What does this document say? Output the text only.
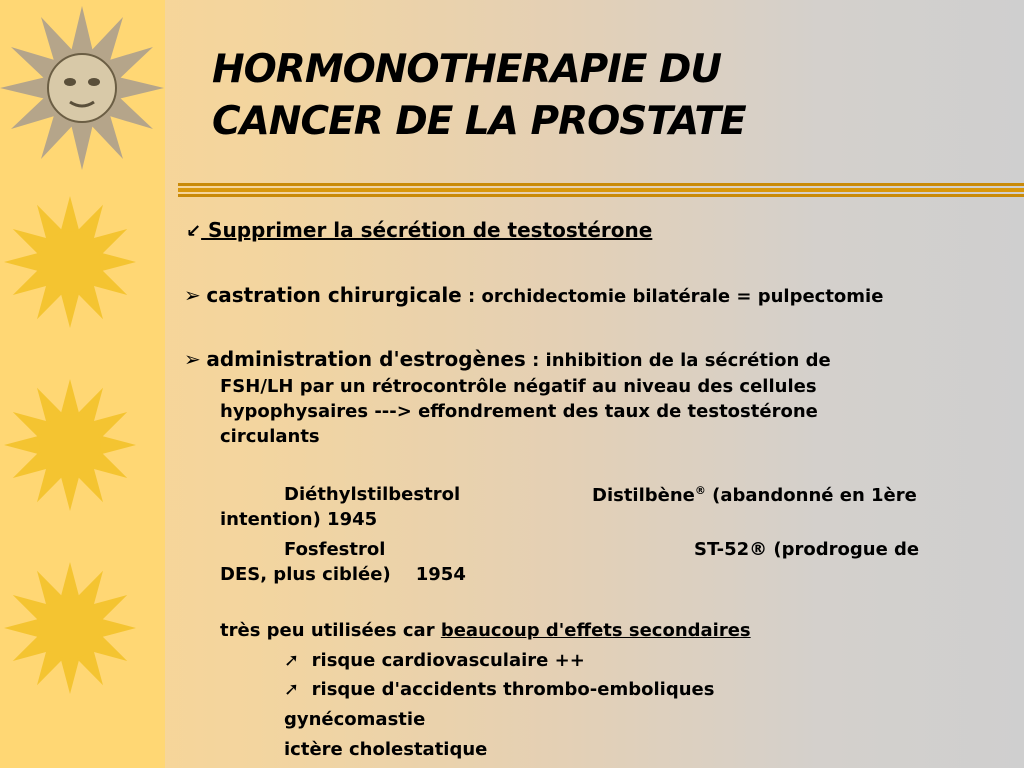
HORMONOTHERAPIE DU
CANCER DE LA PROSTATE
↙ Supprimer la sécrétion de testostérone
➢ castration chirurgicale : orchidectomie bilatérale = pulpectomie
➢ administration d'estrogènes : inhibition de la sécrétion de
FSH/LH par un rétrocontrôle négatif au niveau des cellules
hypophysaires ---> effondrement des taux de testostérone
circulants
Diéthylstilbestrol	Distilbène® (abandonné en 1ère
intention) 1945
Fosfestrol	ST-52® (prodrogue de
DES, plus ciblée)    1954
très peu utilisées car beaucoup d'effets secondaires
➚ risque cardiovasculaire ++
➚ risque d'accidents thrombo-emboliques
gynécomastie
ictère cholestatique
